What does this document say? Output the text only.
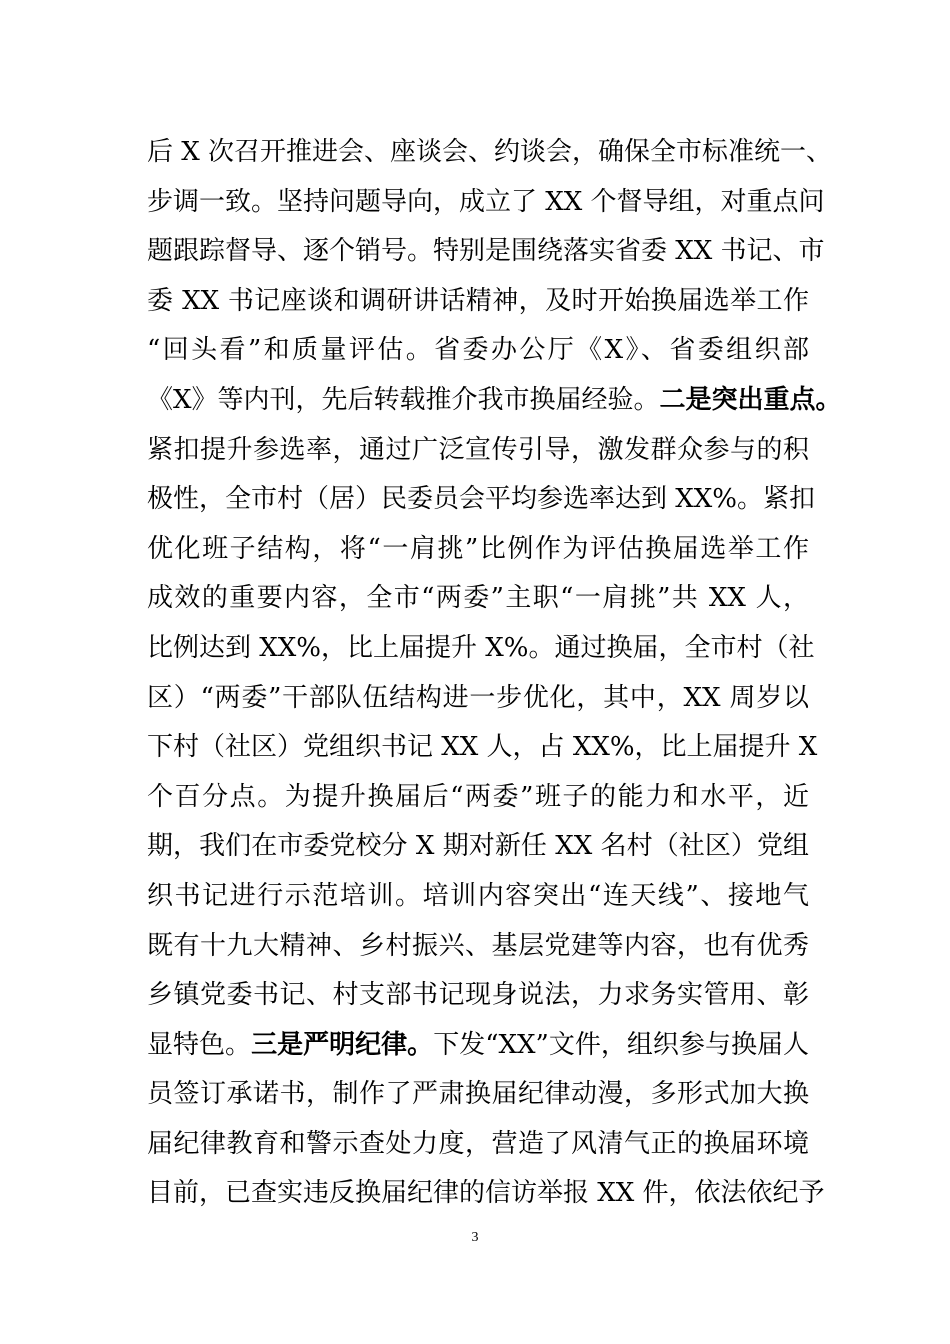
后 X 次召开推进会、座谈会、约谈会，确保全市标准统一、
步调一致。坚持问题导向，成立了 XX 个督导组，对重点问
题跟踪督导、逐个销号。特别是围绕落实省委 XX 书记、市
委 XX 书记座谈和调研讲话精神，及时开始换届选举工作
“回头看”和质量评估。省委办公厅《X》、省委组织部
《X》等内刊，先后转载推介我市换届经验。二是突出重点。
紧扣提升参选率，通过广泛宣传引导，激发群众参与的积
极性，全市村（居）民委员会平均参选率达到 XX%。紧扣
优化班子结构，将“一肩挑”比例作为评估换届选举工作
成效的重要内容，全市“两委”主职“一肩挑”共 XX 人，
比例达到 XX%，比上届提升 X%。通过换届，全市村（社
区）“两委”干部队伍结构进一步优化，其中，XX 周岁以
下村（社区）党组织书记 XX 人，占 XX%，比上届提升 X
个百分点。为提升换届后“两委”班子的能力和水平，近
期，我们在市委党校分 X 期对新任 XX 名村（社区）党组
织书记进行示范培训。培训内容突出“连天线”、接地气
既有十九大精神、乡村振兴、基层党建等内容，也有优秀
乡镇党委书记、村支部书记现身说法，力求务实管用、彰
显特色。三是严明纪律。下发“XX”文件，组织参与换届人
员签订承诺书，制作了严肃换届纪律动漫，多形式加大换
届纪律教育和警示查处力度，营造了风清气正的换届环境
目前，已查实违反换届纪律的信访举报 XX 件，依法依纪予
3
